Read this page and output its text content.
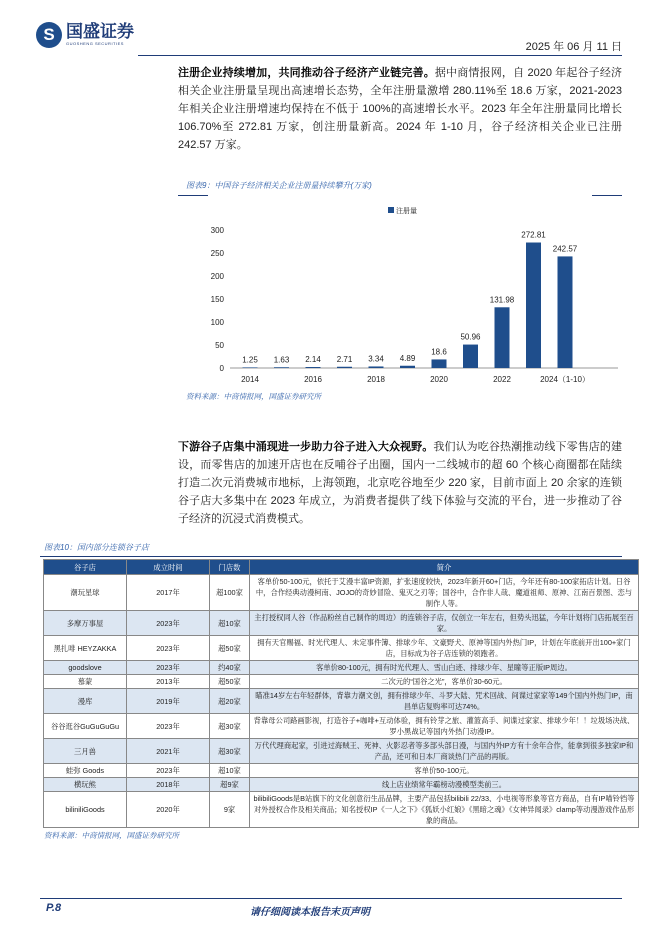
S 国盛证券
GUOSHENG SECURITIES	2025 年 06 月 11 日
注册企业持续增加，共同推动谷子经济产业链完善。据中商情报网，自 2020 年起谷子经济相关企业注册量呈现出高速增长态势，全年注册量激增 280.11%至 18.6 万家，2021-2023 年相关企业注册增速均保持在不低于 100%的高速增长水平。2023 年全年注册量同比增长 106.70%至 272.81 万家，创注册量新高。2024 年 1-10 月，谷子经济相关企业已注册 242.57 万家。
图表9：中国谷子经济相关企业注册量持续攀升(万家)
0
50
100
150
200
250
300
1.25 1.63 2.14 2.71 3.34 4.89
18.6
50.96
131.98
272.81
242.57
2014	2016	2018	2020	2022	2024（1-10）
注册量
资料来源：中商情报网，国盛证券研究所
下游谷子店集中涌现进一步助力谷子进入大众视野。我们认为吃谷热潮推动线下零售店的建设，而零售店的加速开店也在反哺谷子出圈，国内一二线城市的超 60 个核心商圈都在陆续打造二次元消费城市地标，上海领跑，北京吃谷地至少 220 家，目前市面上 20 余家的连锁谷子店大多集中在 2023 年成立，为消费者提供了线下体验与交流的平台，进一步推动了谷子经济的沉浸式消费模式。
图表10：国内部分连锁谷子店
谷子店	成立时间	门店数	简介
潮玩星球	2017年	超100家	客单价50-100元，依托于艾漫丰富IP资源，扩张速度较快，2023年新开60+门店，今年还有80-100家拓店计划。日谷中，合作经典动漫柯南、JOJO的奇妙冒险、鬼灭之刃等；国谷中，合作非人哉、魔道祖师、原神、江南百景图、恋与制作人等。
多摩万事屋	2023年	超10家	主打授权同人谷（作品粉丝自己制作的周边）的连锁谷子店，仅创立一年左右，但势头迅猛，今年计划将门店拓展至百家。
黑扎啡 HEYZAKKA	2023年	超50家	拥有天官赐福、时光代理人、未定事件簿、排球少年、文豪野犬、原神等国内外热门IP，计划在年底前开出100+家门店，目标成为谷子店连锁的领跑者。
goodslove	2023年	约40家	客单价80-100元，拥有时光代理人、雪山白迹、排球少年、星瞳等正版IP周边。
慕蒙	2013年	超50家	二次元的“国谷之光”，客单价30-60元。
漫库	2019年	超20家	瞄准14岁左右年轻群体，背靠力潮文创，拥有排球少年、斗罗大陆、咒术回战、间谍过家家等149个国内外热门IP，南昌单店复购率可达74%。
谷谷逛谷GuGuGuGu	2023年	超30家	背靠母公司路画影视，打造谷子+咖啡+互动体验，拥有铃芽之旅、灌篮高手、间谍过家家、排球少年！！垃圾场决战、罗小黑战记等国内外热门动漫IP。
三月兽	2021年	超30家	万代代理商起家，引进过海贼王、死神、火影忍者等多部头部日漫，与国内外IP方有十余年合作，能拿到很多独家IP和产品，还可和日本厂商谈热门产品的再版。
蛙弥 Goods	2023年	超10家	客单价50-100元。
横玩熊	2018年	超9家	线上店业绩常年霸榜动漫模型类前三。
biliniliGoods	2020年	9家	bilibiliGoods是B站旗下的文化创意衍生品品牌，主要产品包括bilibili 22/33、小电视等形象等官方商品，自有IP喵铃铛等对外授权合作及相关商品；知名授权IP《一人之下》《狐妖小红娘》《黑暗之魂》《女神异闻录》clamp等动漫游戏作品形象的商品。
资料来源：中商情报网，国盛证券研究所
P.8	请仔细阅读本报告末页声明
